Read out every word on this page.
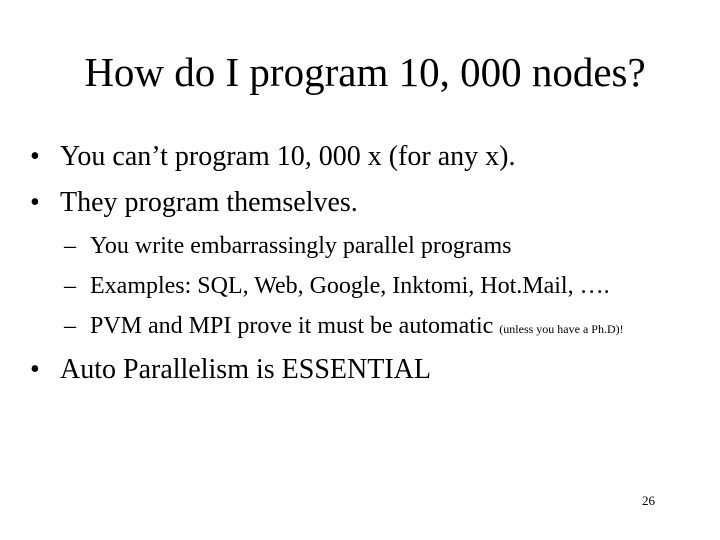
How do I program 10, 000 nodes?
• You can’t program 10, 000 x (for any x).
• They program themselves.
– You write embarrassingly parallel programs
– Examples: SQL, Web, Google, Inktomi, Hot.Mail, ….
– PVM and MPI prove it must be automatic (unless you have a Ph.D)!
• Auto Parallelism is ESSENTIAL
26
